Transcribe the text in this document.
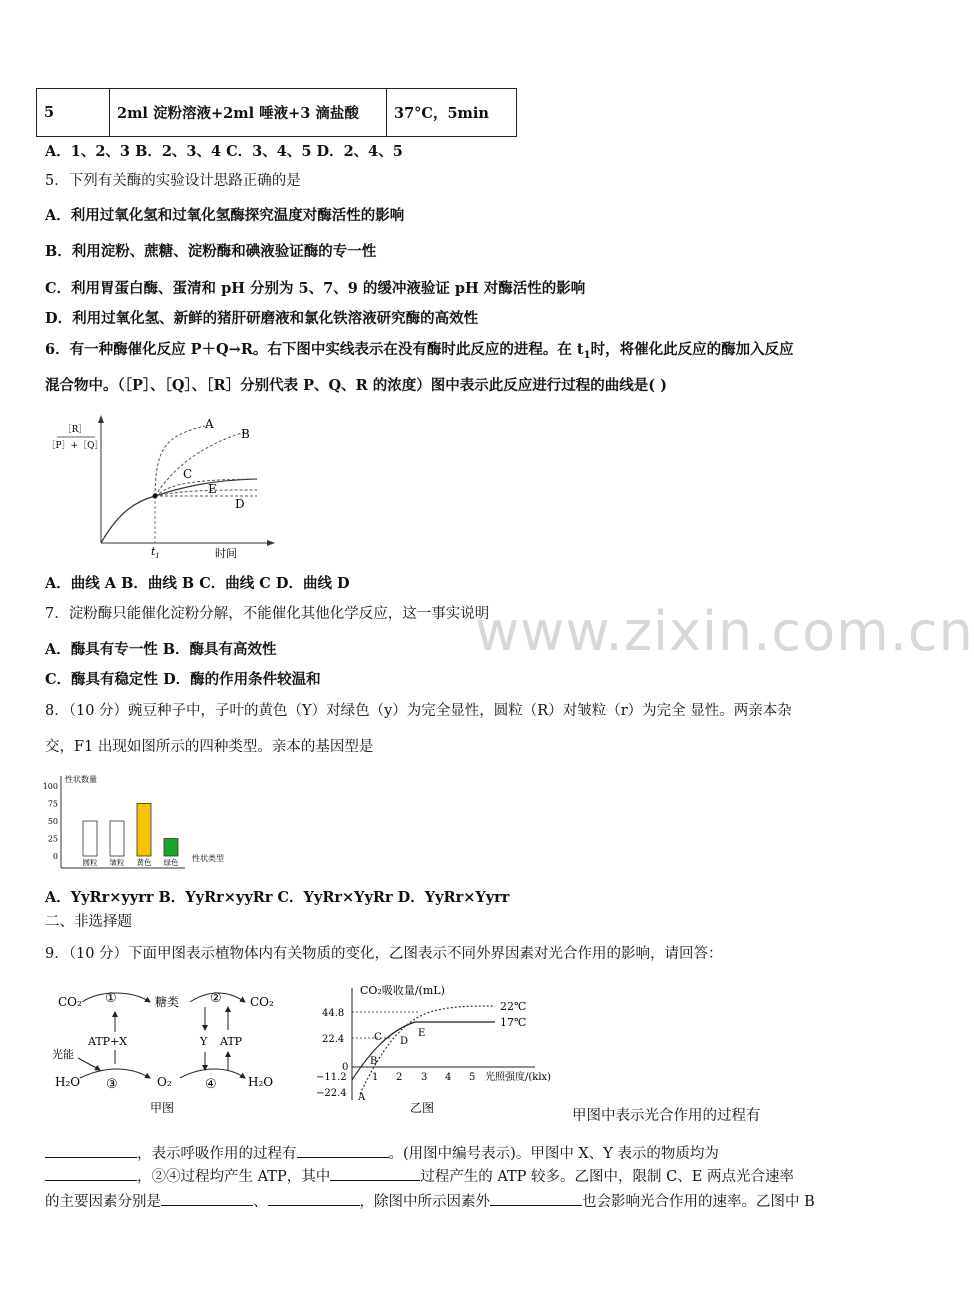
5	2ml 淀粉溶液+2ml 唾液+3 滴盐酸	37°C，5min
A．1、2、3 B．2、3、4 C．3、4、5 D．2、4、5
5．下列有关酶的实验设计思路正确的是
A．利用过氧化氢和过氧化氢酶探究温度对酶活性的影响
B．利用淀粉、蔗糖、淀粉酶和碘液验证酶的专一性
C．利用胃蛋白酶、蛋清和 pH 分别为 5、7、9 的缓冲液验证 pH 对酶活性的影响
D．利用过氧化氢、新鲜的猪肝研磨液和氯化铁溶液研究酶的高效性
6．有一种酶催化反应 P＋Q→R。右下图中实线表示在没有酶时此反应的进程。在 $t_1$时，将催化此反应的酶加入反应
混合物中。（［P］、［Q］、［R］分别代表 P、Q、R 的浓度）图中表示此反应进行过程的曲线是( )
［R］
［P］+［Q］
A
B
C
E
D
$t_1$	时间
A．曲线 A B．曲线 B C．曲线 C D．曲线 D
7．淀粉酶只能催化淀粉分解，不能催化其他化学反应，这一事实说明
A．酶具有专一性 B．酶具有高效性
C．酶具有稳定性 D．酶的作用条件较温和
8．（10 分）豌豆种子中，子叶的黄色（Y）对绿色（y）为完全显性，圆粒（R）对皱粒（r）为完全 显性。两亲本杂
交，F1 出现如图所示的四种类型。亲本的基因型是
性状数量
性状类型
圆粒 皱粒 黄色 绿色
0
25
50
75
100
A．YyRr×yyrr B．YyRr×yyRr C．YyRr×YyRr D．YyRr×Yyrr
二、非选择题
9．（10 分）下面甲图表示植物体内有关物质的变化，乙图表示不同外界因素对光合作用的影响，请回答：
CO₂ ①	糖类 ② CO₂
ATP+X	Y ATP
光能
H₂O ③	O₂	④	H₂O
甲图
CO₂吸收量/(mL)
44.8
22.4
0
−11.2
−22.4
1 2 3 4 5 光照强度/(klx)
22℃
17℃
A
B
C D
E
乙图	甲图中表示光合作用的过程有
，表示呼吸作用的过程有	。(用图中编号表示)。甲图中 X、Y 表示的物质均为
，②④过程均产生 ATP，其中	过程产生的 ATP 较多。乙图中，限制 C、E 两点光合速率
的主要因素分别是	、	，除图中所示因素外	也会影响光合作用的速率。乙图中 B
www.zixin.com.cn
